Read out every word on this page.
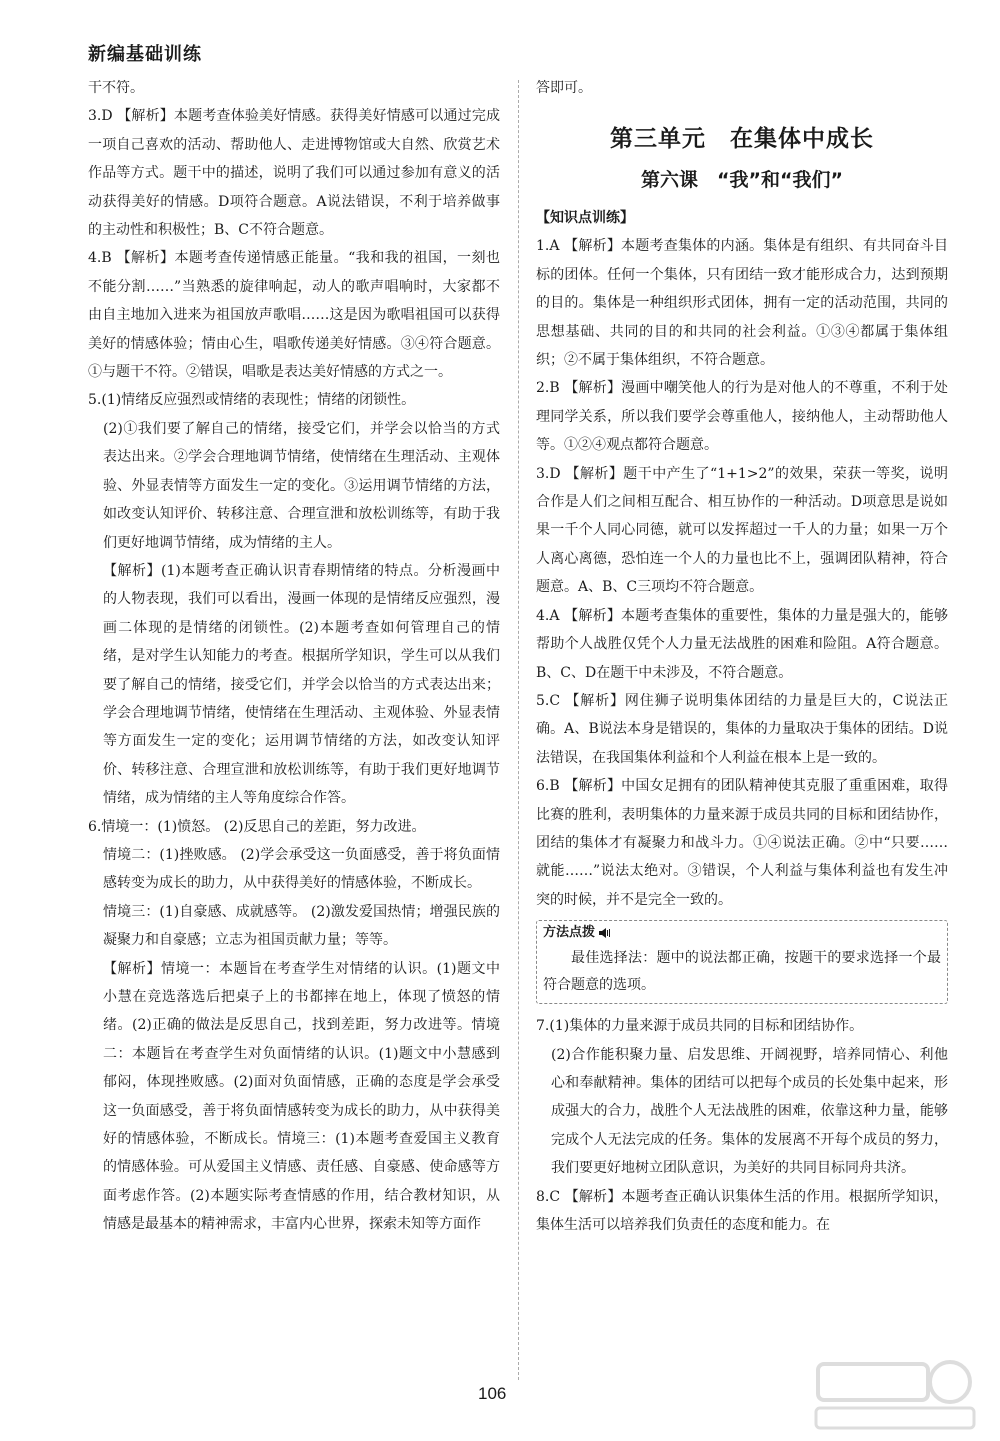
新编基础训练

干不符。

3.D 【解析】本题考查体验美好情感。获得美好情感可以通过完成一项自己喜欢的活动、帮助他人、走进博物馆或大自然、欣赏艺术作品等方式。题干中的描述，说明了我们可以通过参加有意义的活动获得美好的情感。D项符合题意。A说法错误，不利于培养做事的主动性和积极性；B、C不符合题意。

4.B 【解析】本题考查传递情感正能量。“我和我的祖国，一刻也不能分割……”当熟悉的旋律响起，动人的歌声唱响时，大家都不由自主地加入进来为祖国放声歌唱……这是因为歌唱祖国可以获得美好的情感体验；情由心生，唱歌传递美好情感。③④符合题意。①与题干不符。②错误，唱歌是表达美好情感的方式之一。

5.(1)情绪反应强烈或情绪的表现性；情绪的闭锁性。

(2)①我们要了解自己的情绪，接受它们，并学会以恰当的方式表达出来。②学会合理地调节情绪，使情绪在生理活动、主观体验、外显表情等方面发生一定的变化。③运用调节情绪的方法，如改变认知评价、转移注意、合理宣泄和放松训练等，有助于我们更好地调节情绪，成为情绪的主人。

【解析】(1)本题考查正确认识青春期情绪的特点。分析漫画中的人物表现，我们可以看出，漫画一体现的是情绪反应强烈，漫画二体现的是情绪的闭锁性。(2)本题考查如何管理自己的情绪，是对学生认知能力的考查。根据所学知识，学生可以从我们要了解自己的情绪，接受它们，并学会以恰当的方式表达出来；学会合理地调节情绪，使情绪在生理活动、主观体验、外显表情等方面发生一定的变化；运用调节情绪的方法，如改变认知评价、转移注意、合理宣泄和放松训练等，有助于我们更好地调节情绪，成为情绪的主人等角度综合作答。

6.情境一：(1)愤怒。 (2)反思自己的差距，努力改进。

情境二：(1)挫败感。 (2)学会承受这一负面感受，善于将负面情感转变为成长的助力，从中获得美好的情感体验，不断成长。

情境三：(1)自豪感、成就感等。 (2)激发爱国热情；增强民族的凝聚力和自豪感；立志为祖国贡献力量；等等。

【解析】情境一：本题旨在考查学生对情绪的认识。(1)题文中小慧在竞选落选后把桌子上的书都摔在地上，体现了愤怒的情绪。(2)正确的做法是反思自己，找到差距，努力改进等。情境二：本题旨在考查学生对负面情绪的认识。(1)题文中小慧感到郁闷，体现挫败感。(2)面对负面情感，正确的态度是学会承受这一负面感受，善于将负面情感转变为成长的助力，从中获得美好的情感体验，不断成长。情境三：(1)本题考查爱国主义教育的情感体验。可从爱国主义情感、责任感、自豪感、使命感等方面考虑作答。(2)本题实际考查情感的作用，结合教材知识，从情感是最基本的精神需求，丰富内心世界，探索未知等方面作

答即可。

第三单元　在集体中成长
第六课　“我”和“我们”
【知识点训练】

1.A 【解析】本题考查集体的内涵。集体是有组织、有共同奋斗目标的团体。任何一个集体，只有团结一致才能形成合力，达到预期的目的。集体是一种组织形式团体，拥有一定的活动范围，共同的思想基础、共同的目的和共同的社会利益。①③④都属于集体组织；②不属于集体组织，不符合题意。

2.B 【解析】漫画中嘲笑他人的行为是对他人的不尊重，不利于处理同学关系，所以我们要学会尊重他人，接纳他人，主动帮助他人等。①②④观点都符合题意。

3.D 【解析】题干中产生了“1+1>2”的效果，荣获一等奖，说明合作是人们之间相互配合、相互协作的一种活动。D项意思是说如果一千个人同心同德，就可以发挥超过一千人的力量；如果一万个人离心离德，恐怕连一个人的力量也比不上，强调团队精神，符合题意。A、B、C三项均不符合题意。

4.A 【解析】本题考查集体的重要性，集体的力量是强大的，能够帮助个人战胜仅凭个人力量无法战胜的困难和险阻。A符合题意。B、C、D在题干中未涉及，不符合题意。

5.C 【解析】网住狮子说明集体团结的力量是巨大的，C说法正确。A、B说法本身是错误的，集体的力量取决于集体的团结。D说法错误，在我国集体利益和个人利益在根本上是一致的。

6.B 【解析】中国女足拥有的团队精神使其克服了重重困难，取得比赛的胜利，表明集体的力量来源于成员共同的目标和团结协作，团结的集体才有凝聚力和战斗力。①④说法正确。②中“只要……就能……”说法太绝对。③错误，个人利益与集体利益也有发生冲突的时候，并不是完全一致的。

方法点拨
最佳选择法：题中的说法都正确，按题干的要求选择一个最符合题意的选项。

7.(1)集体的力量来源于成员共同的目标和团结协作。

(2)合作能积聚力量、启发思维、开阔视野，培养同情心、利他心和奉献精神。集体的团结可以把每个成员的长处集中起来，形成强大的合力，战胜个人无法战胜的困难，依靠这种力量，能够完成个人无法完成的任务。集体的发展离不开每个成员的努力，我们要更好地树立团队意识，为美好的共同目标同舟共济。

8.C 【解析】本题考查正确认识集体生活的作用。根据所学知识，集体生活可以培养我们负责任的态度和能力。在

106
